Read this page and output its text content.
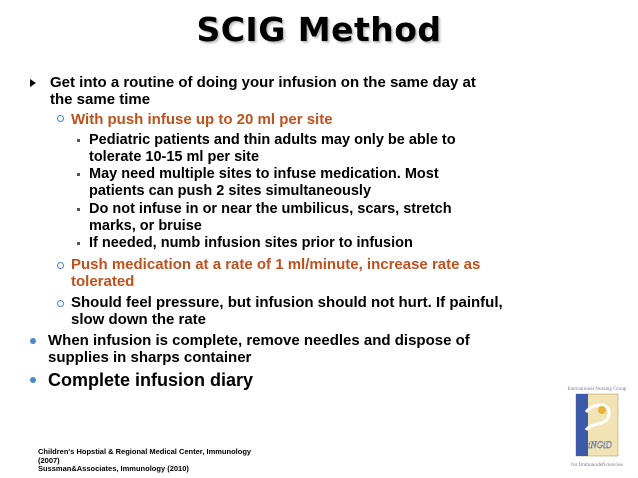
SCIG Method
Get into a routine of doing your infusion on the same day at
the same time
With push infuse up to 20 ml per site
Pediatric patients and thin adults may only be able to
tolerate 10-15 ml per site
May need multiple sites to infuse medication. Most
patients can push 2 sites simultaneously
Do not infuse in or near the umbilicus, scars, stretch
marks, or bruise
If needed, numb infusion sites prior to infusion
Push medication at a rate of 1 ml/minute, increase rate as
tolerated
Should feel pressure, but infusion should not hurt. If painful,
slow down the rate
When infusion is complete, remove needles and dispose of
supplies in sharps container
Complete infusion diary
Children's Hopstial & Regional Medical Center, Immunology
(2007)
Sussman&Associates, Immunology (2010)
International Nursing Group
iNGiD
for Immunodeficiencies
